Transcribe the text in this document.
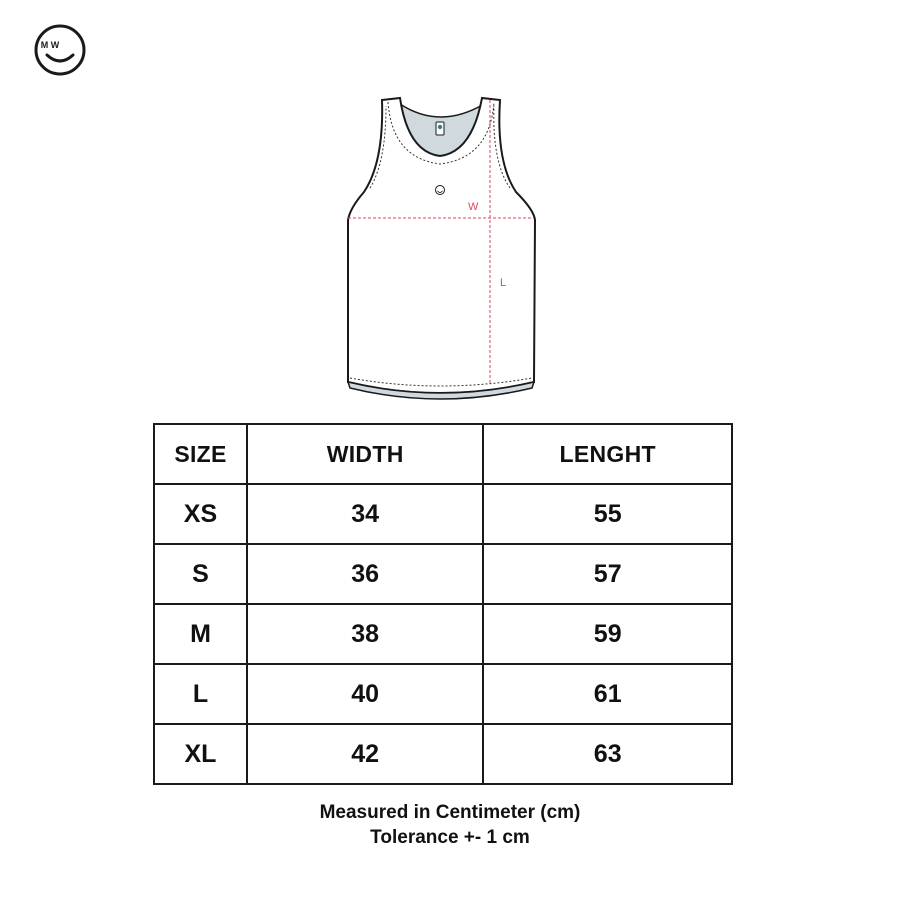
M W
W
L
SIZE	WIDTH	LENGHT
XS	34	55
S	36	57
M	38	59
L	40	61
XL	42	63
Measured in Centimeter (cm)
Tolerance +- 1 cm
